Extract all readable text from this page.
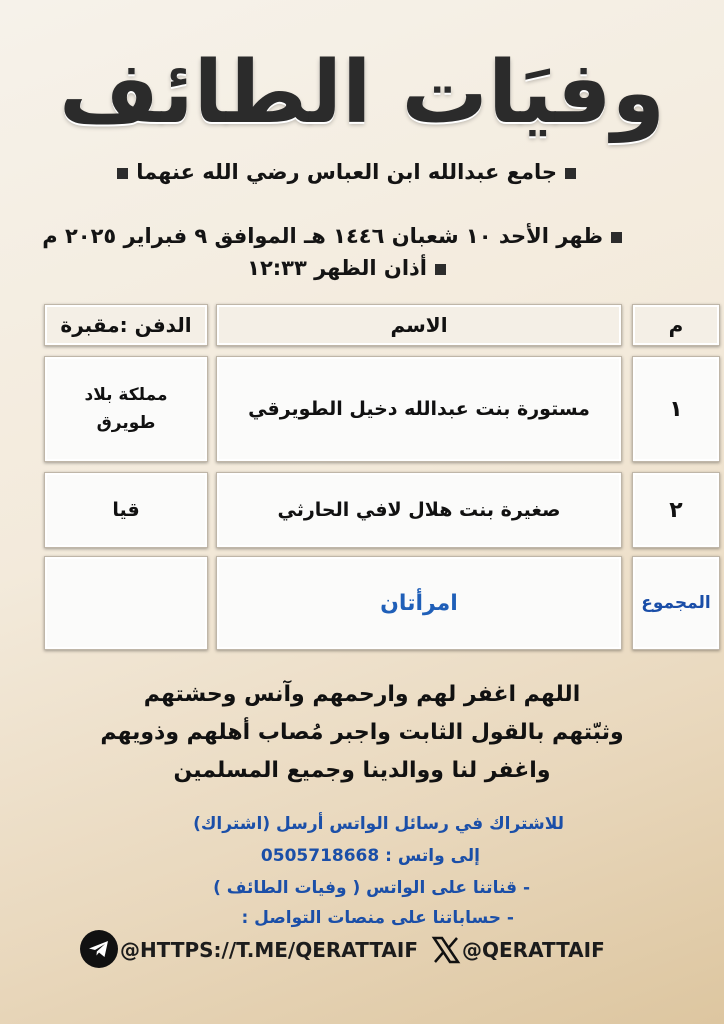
وفيَات الطائف
جامع عبدالله ابن العباس رضي الله عنهما
ظهر الأحد ١٠ شعبان ١٤٤٦ هـ الموافق ٩ فبراير ٢٠٢٥ م
أذان الظهر ١٢:٣٣
م
الاسم
الدفن :مقبرة
١
مستورة بنت عبدالله دخيل الطويرقي
مملكة بلاد طويرق
٢
صغيرة بنت هلال لافي الحارثي
قيا
المجموع
امرأتان
اللهم اغفر لهم وارحمهم وآنس وحشتهم
وثبّتهم بالقول الثابت واجبر مُصاب أهلهم وذويهم
واغفر لنا ووالدينا وجميع المسلمين
للاشتراك في رسائل الواتس أرسل (اشتراك)
إلى واتس : 0505718668
- قناتنا على الواتس ( وفيات الطائف )
- حساباتنا على منصات التواصل :
@HTTPS://T.ME/QERATTAIF @QERATTAIF
